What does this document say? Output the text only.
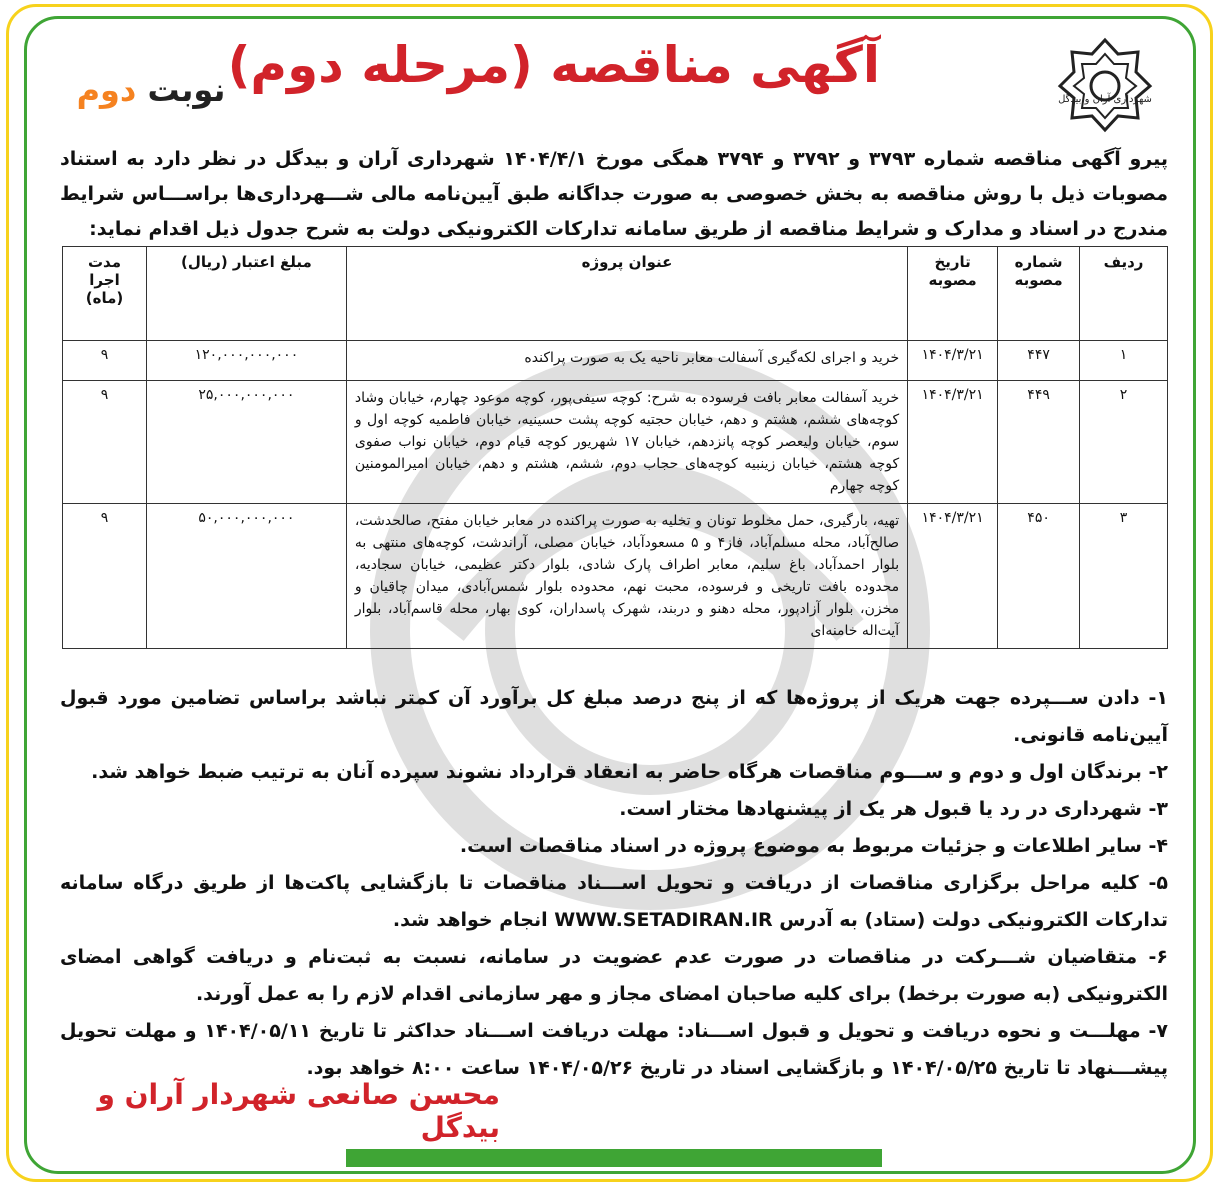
شهرداری آران و بیدگل
آگهی مناقصه (مرحله دوم)
نوبت دوم
پیرو آگهی مناقصه شماره ۳۷۹۳ و ۳۷۹۲ و ۳۷۹۴ همگی مورخ ۱۴۰۴/۴/۱ شهرداری آران و بیدگل در نظر دارد به استناد مصوبات ذیل با روش مناقصه به بخش خصوصی به صورت جداگانه طبق آیین‌نامه مالی شـــهرداری‌ها براســـاس شرایط مندرج در اسناد و مدارک و شرایط مناقصه از طریق سامانه تدارکات الکترونیکی دولت به شرح جدول ذیل اقدام نماید:
ردیف	شماره مصوبه	تاریخ مصوبه	عنوان پروژه	مبلغ اعتبار (ریال)	مدت اجرا (ماه)
۱	۴۴۷	۱۴۰۴/۳/۲۱	خرید و اجرای لکه‌گیری آسفالت معابر ناحیه یک به صورت پراکنده	۱۲۰,۰۰۰,۰۰۰,۰۰۰	۹
۲	۴۴۹	۱۴۰۴/۳/۲۱	خرید آسفالت معابر بافت فرسوده به شرح: کوچه سیفی‌پور، کوچه موعود چهارم، خیابان وشاد کوچه‌های ششم، هشتم و دهم، خیابان حجتیه کوچه پشت حسینیه، خیابان فاطمیه کوچه اول و سوم، خیابان ولیعصر کوچه پانزدهم، خیابان ۱۷ شهریور کوچه قیام دوم، خیابان نواب صفوی کوچه هشتم، خیابان زینبیه کوچه‌های حجاب دوم، ششم، هشتم و دهم، خیابان امیرالمومنین کوچه چهارم	۲۵,۰۰۰,۰۰۰,۰۰۰	۹
۳	۴۵۰	۱۴۰۴/۳/۲۱	تهیه، بارگیری، حمل مخلوط تونان و تخلیه به صورت پراکنده در معابر خیابان مفتح، صالحدشت، صالح‌آباد، محله مسلم‌آباد، فاز۴ و ۵ مسعودآباد، خیابان مصلی، آراندشت، کوچه‌های منتهی به بلوار احمدآباد، باغ سلیم، معابر اطراف پارک شادی، بلوار دکتر عظیمی، خیابان سجادیه، محدوده بافت تاریخی و فرسوده، محبت نهم، محدوده بلوار شمس‌آبادی، میدان چاقیان و مخزن، بلوار آزادپور، محله دهنو و دربند، شهرک پاسداران، کوی بهار، محله قاسم‌آباد، بلوار آیت‌اله خامنه‌ای	۵۰,۰۰۰,۰۰۰,۰۰۰	۹

۱- دادن ســـپرده جهت هریک از پروژه‌ها که از پنج درصد مبلغ کل برآورد آن کمتر نباشد براساس تضامین مورد قبول آیین‌نامه قانونی.

۲- برندگان اول و دوم و ســـوم مناقصات هرگاه حاضر به انعقاد قرارداد نشوند سپرده آنان به ترتیب ضبط خواهد شد.

۳- شهرداری در رد یا قبول هر یک از پیشنهادها مختار است.

۴- سایر اطلاعات و جزئیات مربوط به موضوع پروژه در اسناد مناقصات است.

۵- کلیه مراحل برگزاری مناقصات از دریافت و تحویل اســـناد مناقصات تا بازگشایی پاکت‌ها از طریق درگاه سامانه تدارکات الکترونیکی دولت (ستاد) به آدرس WWW.SETADIRAN.IR انجام خواهد شد.

۶- متقاضیان شـــرکت در مناقصات در صورت عدم عضویت در سامانه، نسبت به ثبت‌نام و دریافت گواهی امضای الکترونیکی (به صورت برخط) برای کلیه صاحبان امضای مجاز و مهر سازمانی اقدام لازم را به عمل آورند.

۷- مهلـــت و نحوه دریافت و تحویل و قبول اســـناد: مهلت دریافت اســـناد حداکثر تا تاریخ ۱۴۰۴/۰۵/۱۱ و مهلت تحویل پیشـــنهاد تا تاریخ ۱۴۰۴/۰۵/۲۵ و بازگشایی اسناد در تاریخ ۱۴۰۴/۰۵/۲۶ ساعت ۸:۰۰ خواهد بود.

محسن صانعی شهردار آران و بیدگل
